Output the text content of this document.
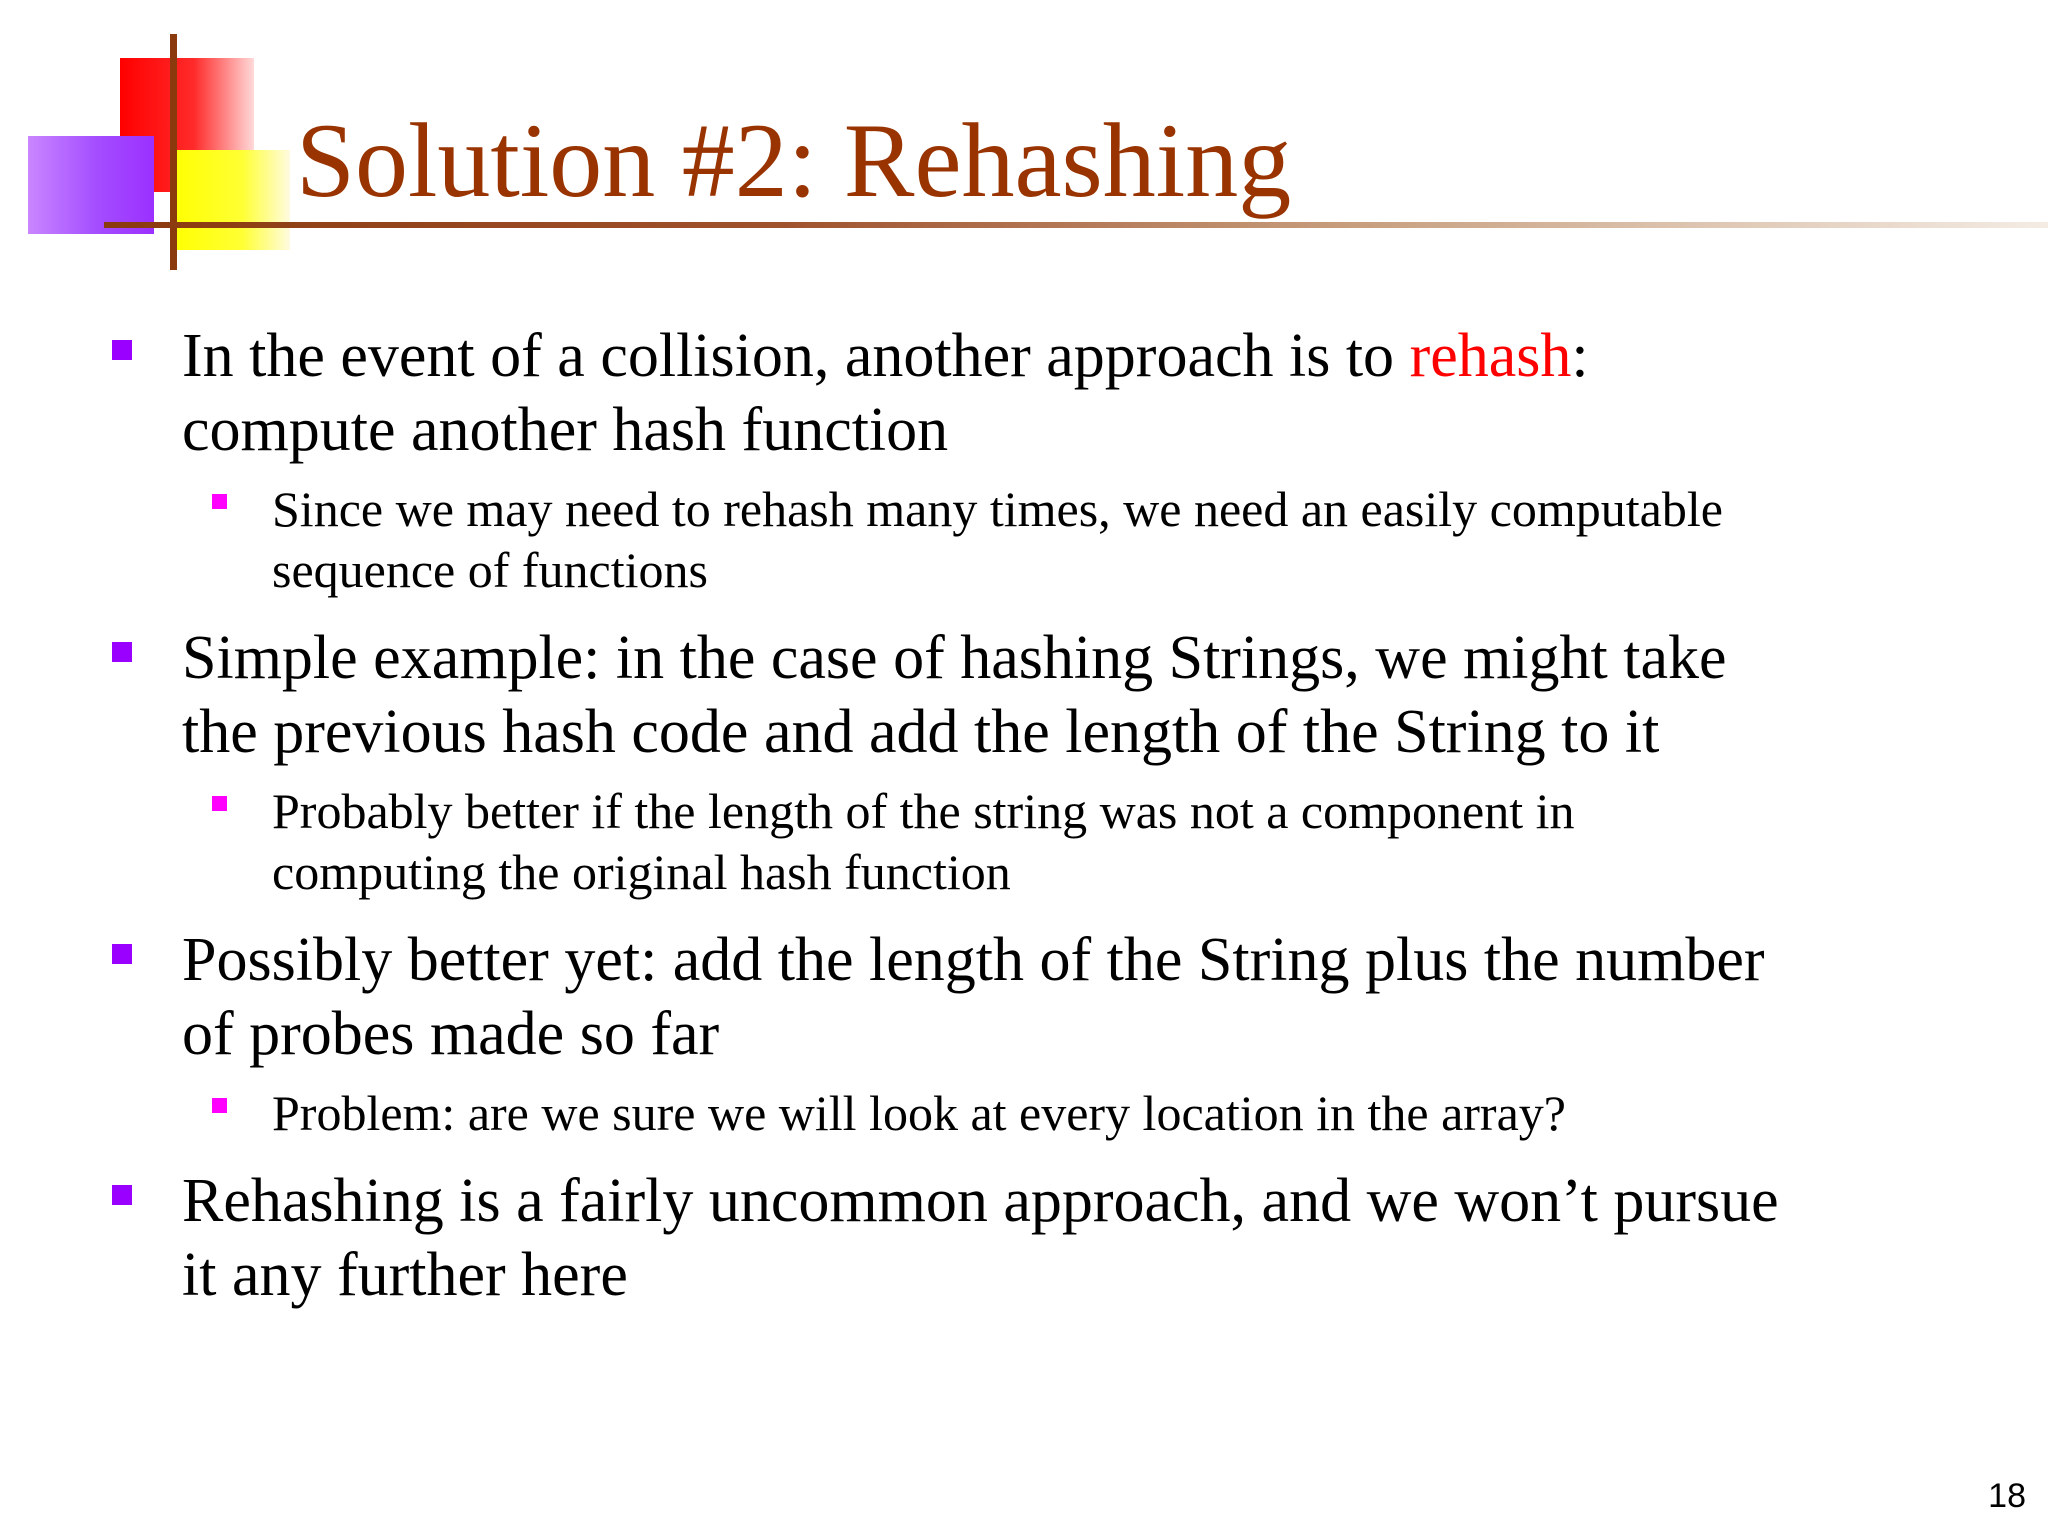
Solution #2: Rehashing
In the event of a collision, another approach is to rehash:
compute another hash function
Since we may need to rehash many times, we need an easily computable
sequence of functions
Simple example: in the case of hashing Strings, we might take
the previous hash code and add the length of the String to it
Probably better if the length of the string was not a component in
computing the original hash function
Possibly better yet: add the length of the String plus the number
of probes made so far
Problem: are we sure we will look at every location in the array?
Rehashing is a fairly uncommon approach, and we won’t pursue
it any further here
18
